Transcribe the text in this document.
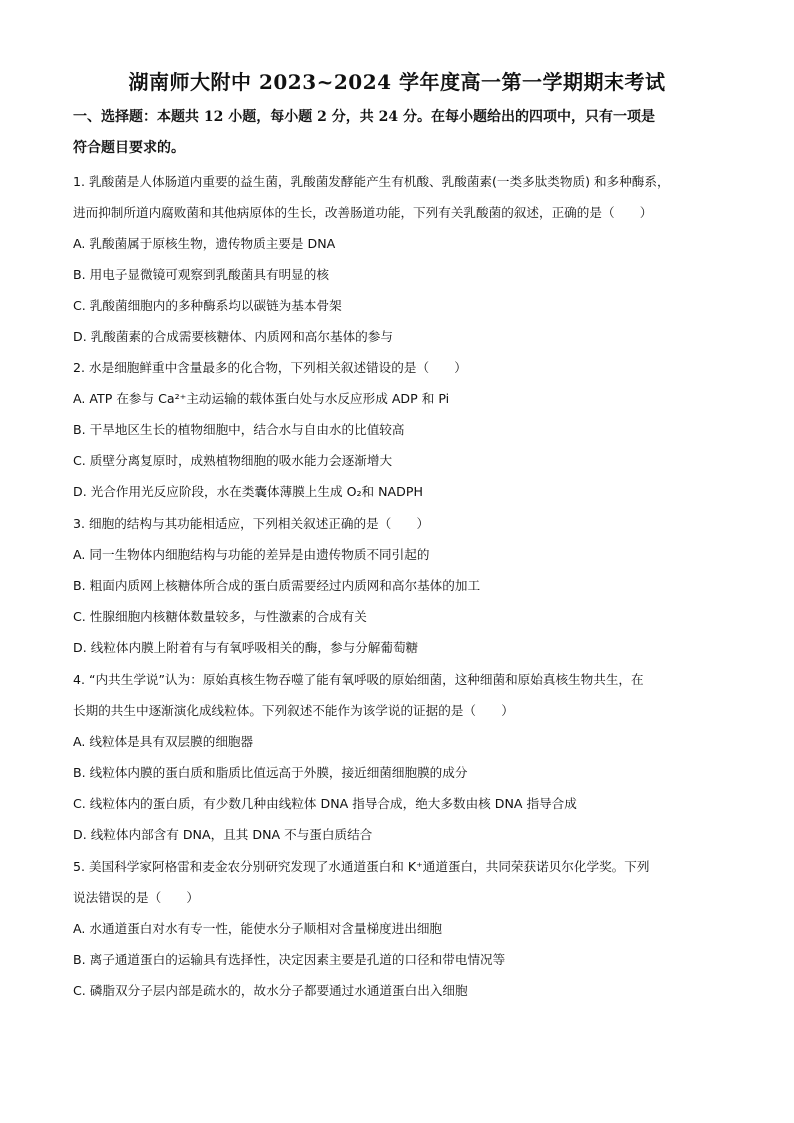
湖南师大附中 2023~2024 学年度高一第一学期期末考试
一、选择题：本题共 12 小题，每小题 2 分，共 24 分。在每小题给出的四项中，只有一项是
符合题目要求的。
1. 乳酸菌是人体肠道内重要的益生菌，乳酸菌发酵能产生有机酸、乳酸菌素(一类多肽类物质) 和多种酶系，
进而抑制所道内腐败菌和其他病原体的生长，改善肠道功能，下列有关乳酸菌的叙述，正确的是（　　）
A. 乳酸菌属于原核生物，遗传物质主要是 DNA
B. 用电子显微镜可观察到乳酸菌具有明显的核
C. 乳酸菌细胞内的多种酶系均以碳链为基本骨架
D. 乳酸菌素的合成需要核糖体、内质网和高尔基体的参与
2. 水是细胞鲜重中含量最多的化合物，下列相关叙述错设的是（　　）
A. ATP 在参与 Ca²⁺主动运输的载体蛋白处与水反应形成 ADP 和 Pi
B. 干旱地区生长的植物细胞中，结合水与自由水的比值较高
C. 质壁分离复原时，成熟植物细胞的吸水能力会逐渐增大
D. 光合作用光反应阶段，水在类囊体薄膜上生成 O₂和 NADPH
3. 细胞的结构与其功能相适应，下列相关叙述正确的是（　　）
A. 同一生物体内细胞结构与功能的差异是由遗传物质不同引起的
B. 粗面内质网上核糖体所合成的蛋白质需要经过内质网和高尔基体的加工
C. 性腺细胞内核糖体数量较多，与性激素的合成有关
D. 线粒体内膜上附着有与有氧呼吸相关的酶，参与分解葡萄糖
4. “内共生学说”认为：原始真核生物吞噬了能有氧呼吸的原始细菌，这种细菌和原始真核生物共生，在
长期的共生中逐渐演化成线粒体。下列叙述不能作为该学说的证据的是（　　）
A. 线粒体是具有双层膜的细胞器
B. 线粒体内膜的蛋白质和脂质比值远高于外膜，接近细菌细胞膜的成分
C. 线粒体内的蛋白质，有少数几种由线粒体 DNA 指导合成，绝大多数由核 DNA 指导合成
D. 线粒体内部含有 DNA，且其 DNA 不与蛋白质结合
5. 美国科学家阿格雷和麦金农分别研究发现了水通道蛋白和 K⁺通道蛋白，共同荣获诺贝尔化学奖。下列
说法错误的是（　　）
A. 水通道蛋白对水有专一性，能使水分子顺相对含量梯度进出细胞
B. 离子通道蛋白的运输具有选择性，决定因素主要是孔道的口径和带电情况等
C. 磷脂双分子层内部是疏水的，故水分子都要通过水通道蛋白出入细胞
